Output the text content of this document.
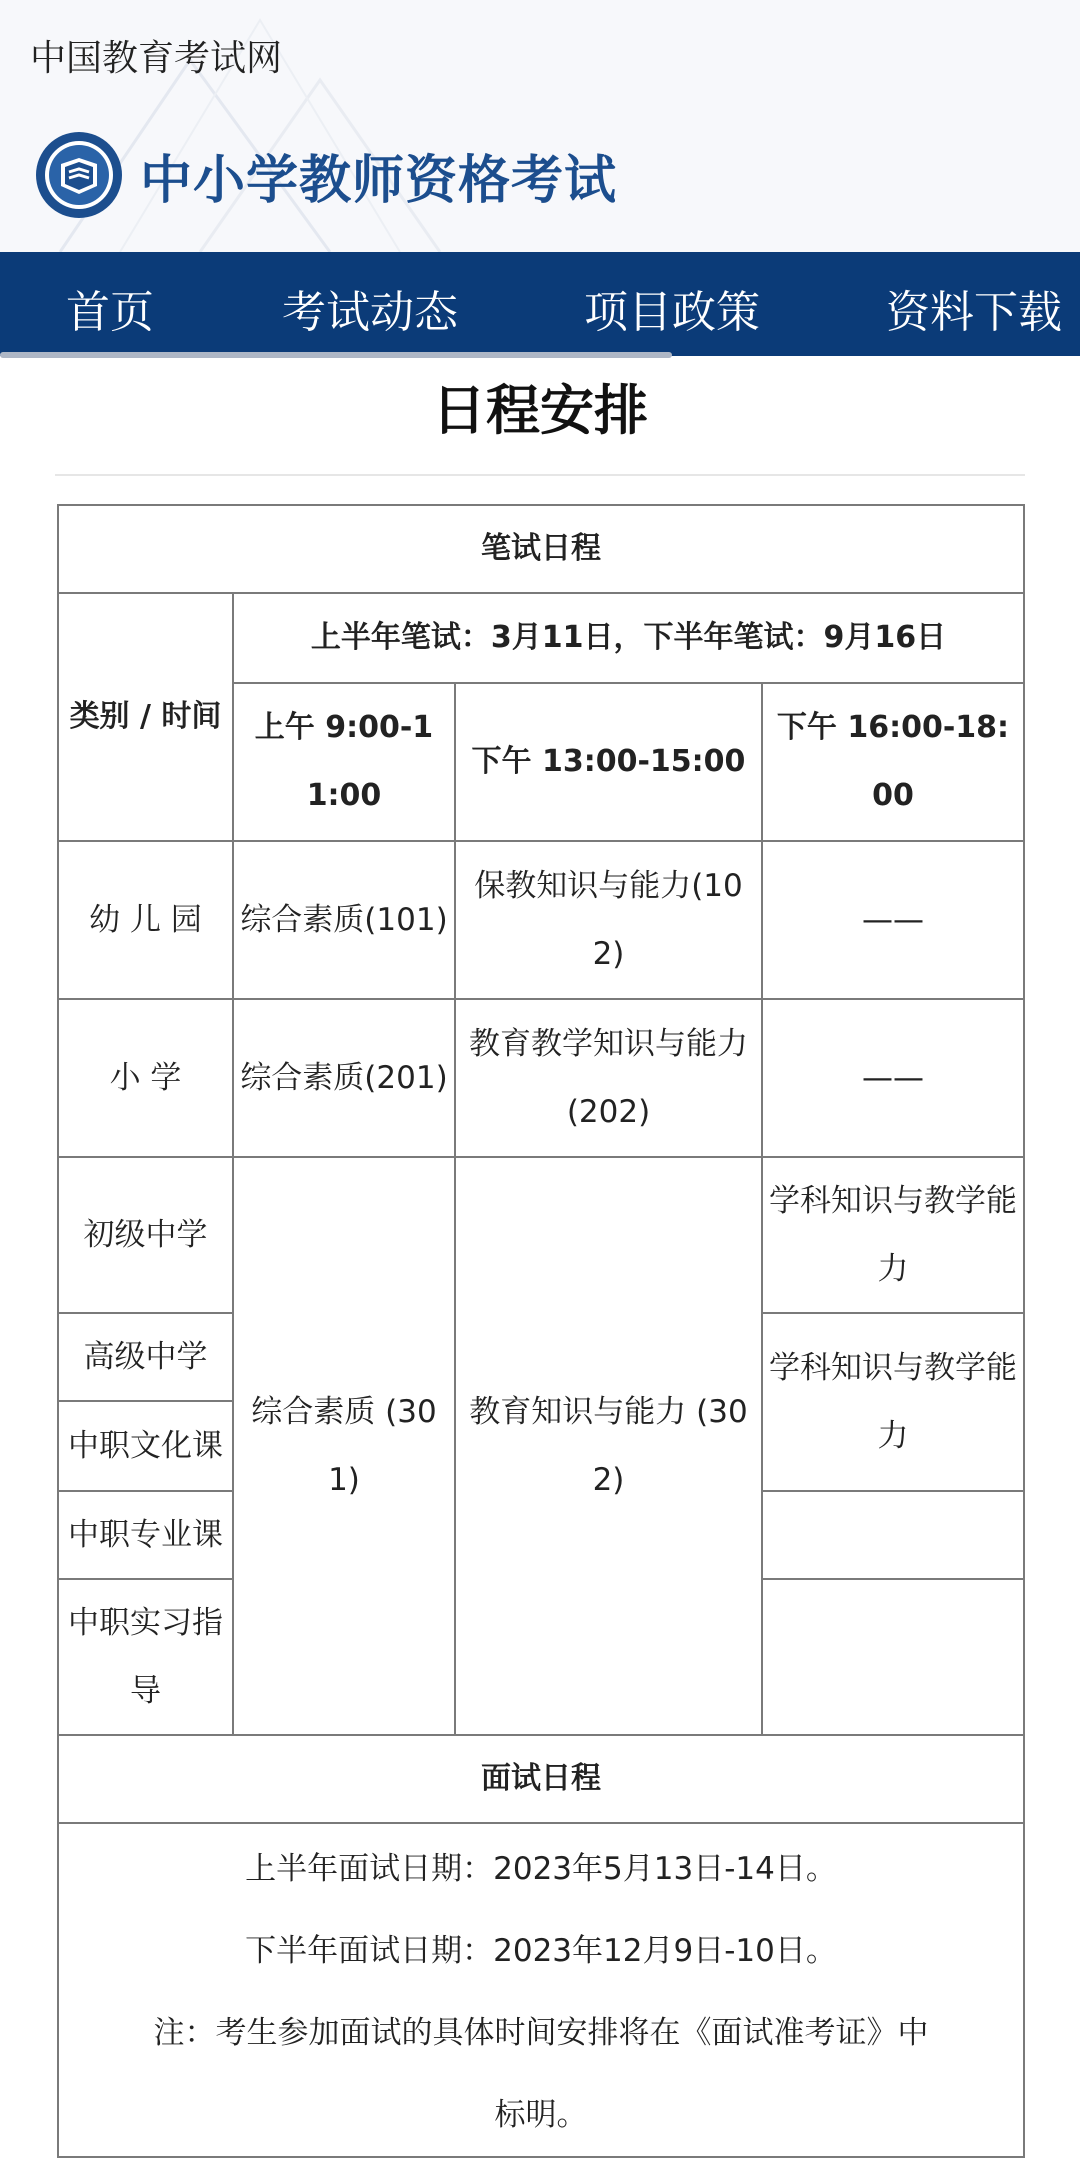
中国教育考试网
中小学教师资格考试
首页	考试动态	项目政策	资料下载
日程安排
笔试日程			
类别 / 时间	上半年笔试：3月11日，下半年笔试：9月16日		
	上午 9:00-11:00	下午 13:00-15:00	下午 16:00-18:00
幼 儿 园	综合素质(101)	保教知识与能力(102)	——
小 学	综合素质(201)	教育教学知识与能力(202)	——
初级中学	综合素质 (301)	教育知识与能力 (302)	学科知识与教学能力
高级中学			学科知识与教学能力
中职文化课			
中职专业课			
中职实习指导			

面试日程			

上半年面试日期：2023年5月13日-14日。

下半年面试日期：2023年12月9日-10日。

注：考生参加面试的具体时间安排将在《面试准考证》中标明。			
